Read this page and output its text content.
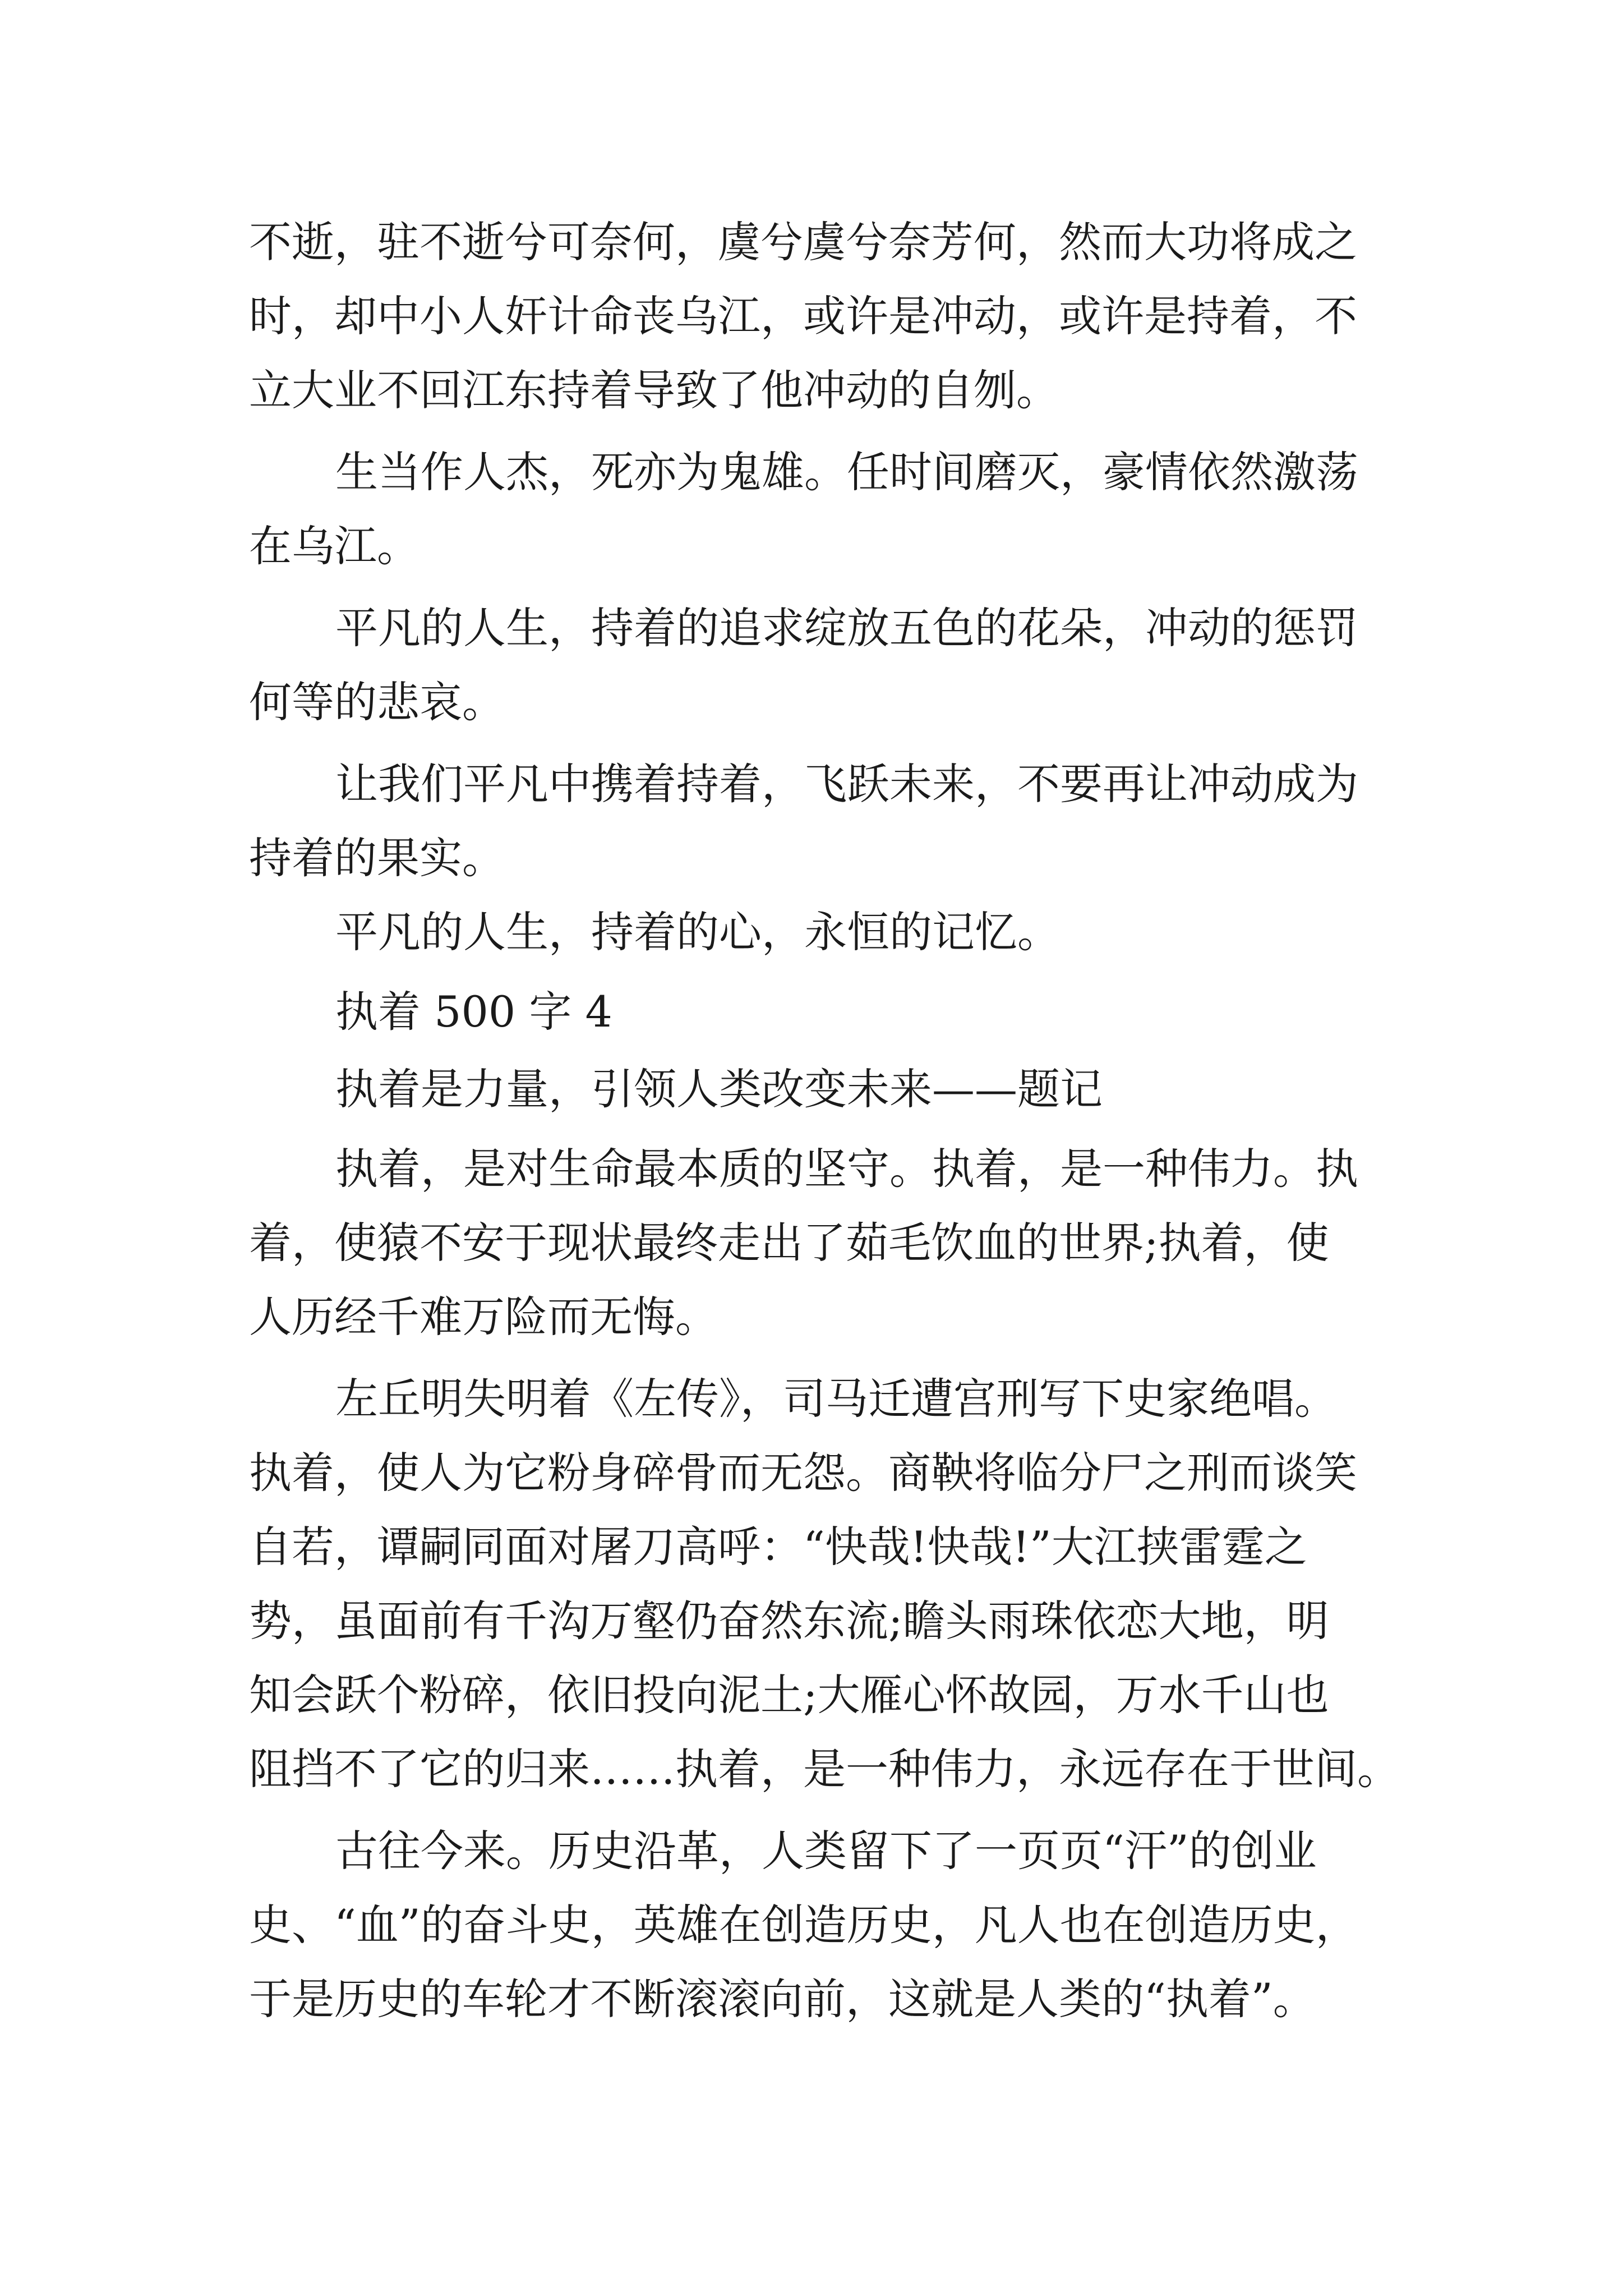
不逝，驻不逝兮可奈何，虞兮虞兮奈芳何，然而大功将成之
时，却中小人奸计命丧乌江，或许是冲动，或许是持着，不
立大业不回江东持着导致了他冲动的自刎。
生当作人杰，死亦为鬼雄。任时间磨灭，豪情依然激荡
在乌江。
平凡的人生，持着的追求绽放五色的花朵，冲动的惩罚
何等的悲哀。
让我们平凡中携着持着，飞跃未来，不要再让冲动成为
持着的果实。
平凡的人生，持着的心，永恒的记忆。
执着 500 字 4
执着是力量，引领人类改变未来——题记
执着，是对生命最本质的坚守。执着，是一种伟力。执
着，使猿不安于现状最终走出了茹毛饮血的世界;执着，使
人历经千难万险而无悔。
左丘明失明着《左传》，司马迁遭宫刑写下史家绝唱。
执着，使人为它粉身碎骨而无怨。商鞅将临分尸之刑而谈笑
自若，谭嗣同面对屠刀高呼：“快哉!快哉!”大江挟雷霆之
势，虽面前有千沟万壑仍奋然东流;瞻头雨珠依恋大地，明
知会跃个粉碎，依旧投向泥土;大雁心怀故园，万水千山也
阻挡不了它的归来……执着，是一种伟力，永远存在于世间。
古往今来。历史沿革，人类留下了一页页“汗”的创业
史、“血”的奋斗史，英雄在创造历史，凡人也在创造历史，
于是历史的车轮才不断滚滚向前，这就是人类的“执着”。
